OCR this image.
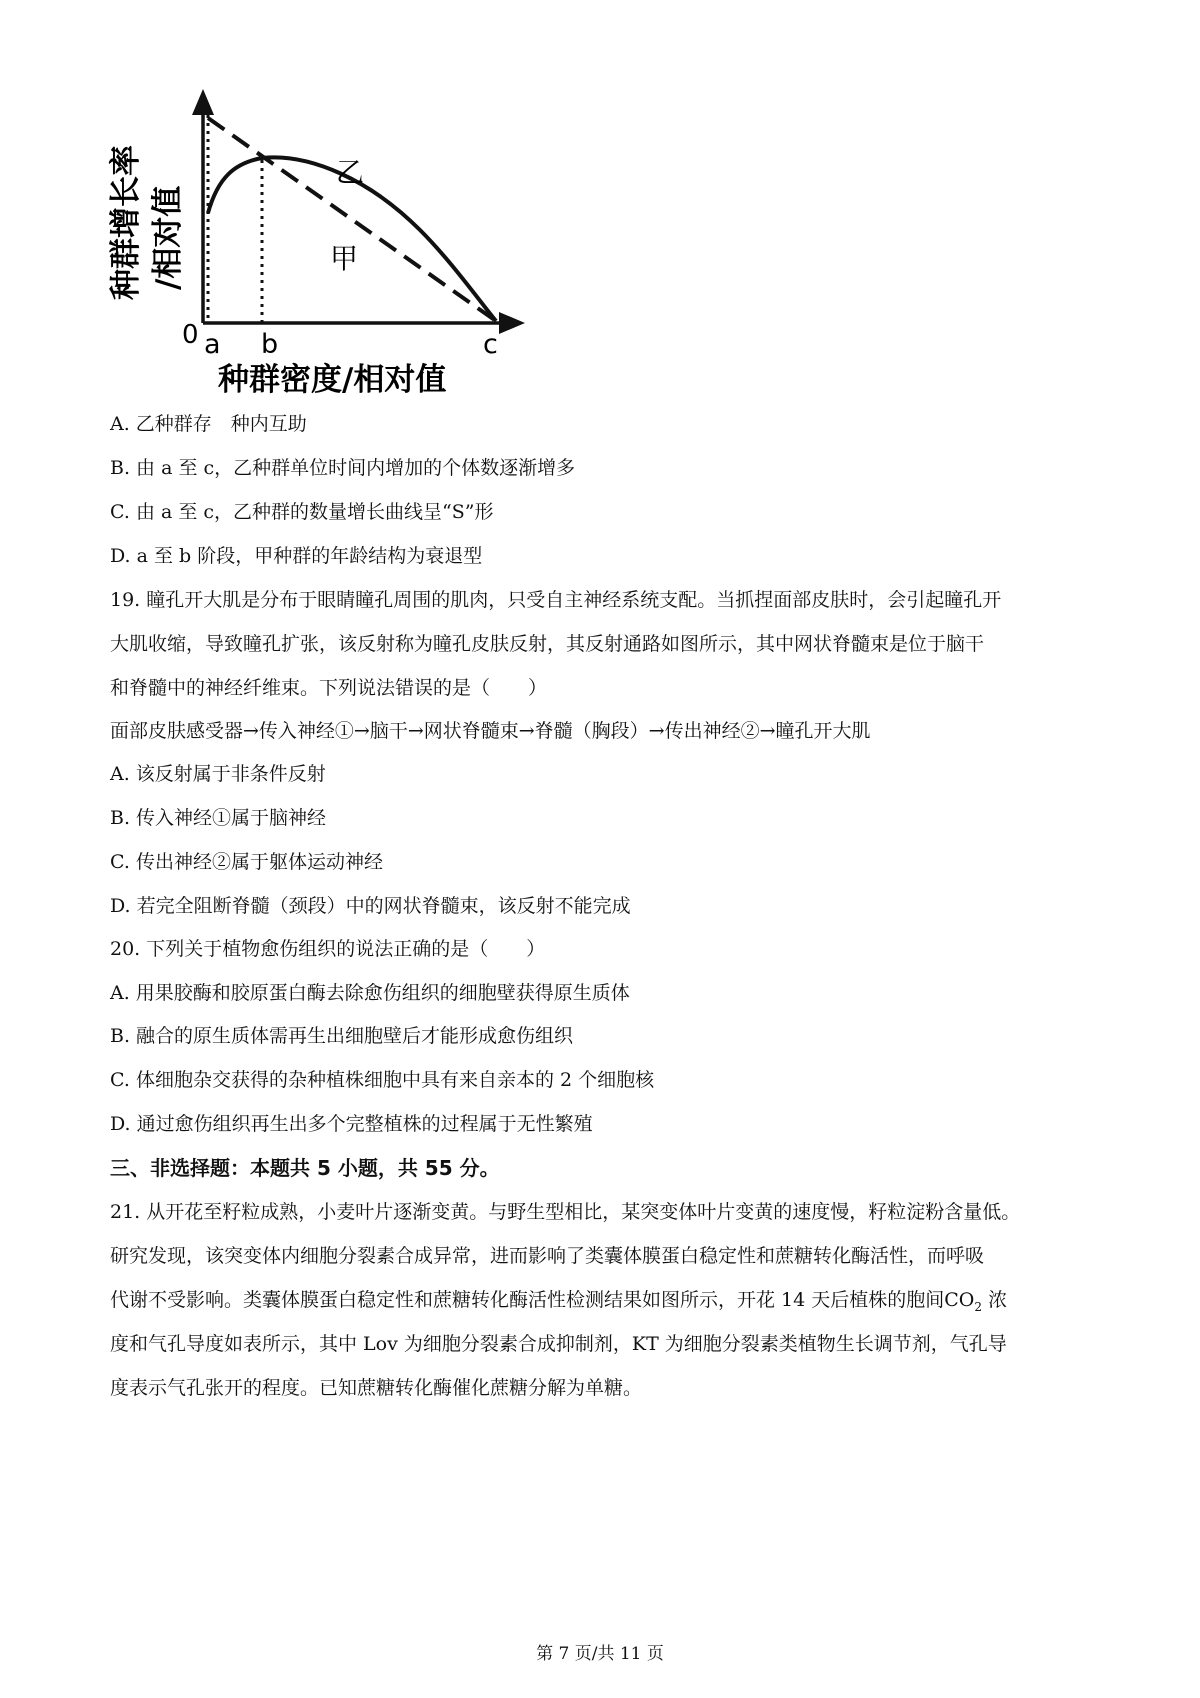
种群增长率 /相对值
乙
甲
0 a b	c
种群密度/相对值
A. 乙种群存　种内互助
B. 由 a 至 c，乙种群单位时间内增加的个体数逐渐增多
C. 由 a 至 c，乙种群的数量增长曲线呈“S”形
D. a 至 b 阶段，甲种群的年龄结构为衰退型
19. 瞳孔开大肌是分布于眼睛瞳孔周围的肌肉，只受自主神经系统支配。当抓捏面部皮肤时，会引起瞳孔开
大肌收缩，导致瞳孔扩张，该反射称为瞳孔皮肤反射，其反射通路如图所示，其中网状脊髓束是位于脑干
和脊髓中的神经纤维束。下列说法错误的是（　　）
面部皮肤感受器→传入神经①→脑干→网状脊髓束→脊髓（胸段）→传出神经②→瞳孔开大肌
A. 该反射属于非条件反射
B. 传入神经①属于脑神经
C. 传出神经②属于躯体运动神经
D. 若完全阻断脊髓（颈段）中的网状脊髓束，该反射不能完成
20. 下列关于植物愈伤组织的说法正确的是（　　）
A. 用果胶酶和胶原蛋白酶去除愈伤组织的细胞壁获得原生质体
B. 融合的原生质体需再生出细胞壁后才能形成愈伤组织
C. 体细胞杂交获得的杂种植株细胞中具有来自亲本的 2 个细胞核
D. 通过愈伤组织再生出多个完整植株的过程属于无性繁殖
三、非选择题：本题共 5 小题，共 55 分。
21. 从开花至籽粒成熟，小麦叶片逐渐变黄。与野生型相比，某突变体叶片变黄的速度慢，籽粒淀粉含量低。
研究发现，该突变体内细胞分裂素合成异常，进而影响了类囊体膜蛋白稳定性和蔗糖转化酶活性，而呼吸
代谢不受影响。类囊体膜蛋白稳定性和蔗糖转化酶活性检测结果如图所示，开花 14 天后植株的胞间$CO_2$ 浓
度和气孔导度如表所示，其中 Lov 为细胞分裂素合成抑制剂，KT 为细胞分裂素类植物生长调节剂，气孔导
度表示气孔张开的程度。已知蔗糖转化酶催化蔗糖分解为单糖。
第 7 页/共 11 页
